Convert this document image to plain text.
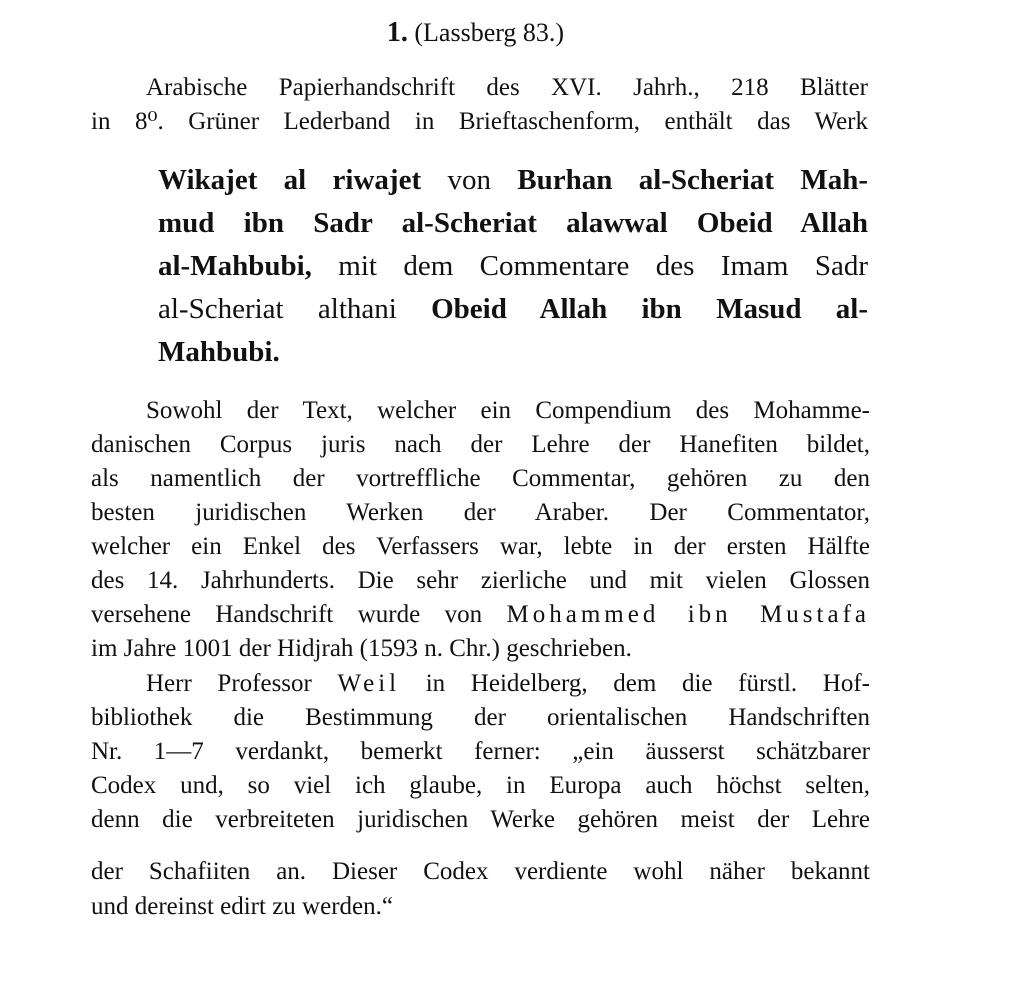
1. (Lassberg 83.)
Arabische Papierhandschrift des XVI. Jahrh., 218 Blätter
in 8⁰. Grüner Lederband in Brieftaschenform, enthält das Werk
Wikajet al riwajet von Burhan al-Scheriat Mah-
mud ibn Sadr al-Scheriat alawwal Obeid Allah
al-Mahbubi, mit dem Commentare des Imam Sadr
al-Scheriat althani Obeid Allah ibn Masud al-
Mahbubi.
Sowohl der Text, welcher ein Compendium des Mohamme-
danischen Corpus juris nach der Lehre der Hanefiten bildet,
als namentlich der vortreffliche Commentar, gehören zu den
besten juridischen Werken der Araber. Der Commentator,
welcher ein Enkel des Verfassers war, lebte in der ersten Hälfte
des 14. Jahrhunderts. Die sehr zierliche und mit vielen Glossen
versehene Handschrift wurde von Mohammed ibn Mustafa
im Jahre 1001 der Hidjrah (1593 n. Chr.) geschrieben.
Herr Professor Weil in Heidelberg, dem die fürstl. Hof-
bibliothek die Bestimmung der orientalischen Handschriften
Nr. 1—7 verdankt, bemerkt ferner: „ein äusserst schätzbarer
Codex und, so viel ich glaube, in Europa auch höchst selten,
denn die verbreiteten juridischen Werke gehören meist der Lehre
der Schafiiten an. Dieser Codex verdiente wohl näher bekannt
und dereinst edirt zu werden.“
